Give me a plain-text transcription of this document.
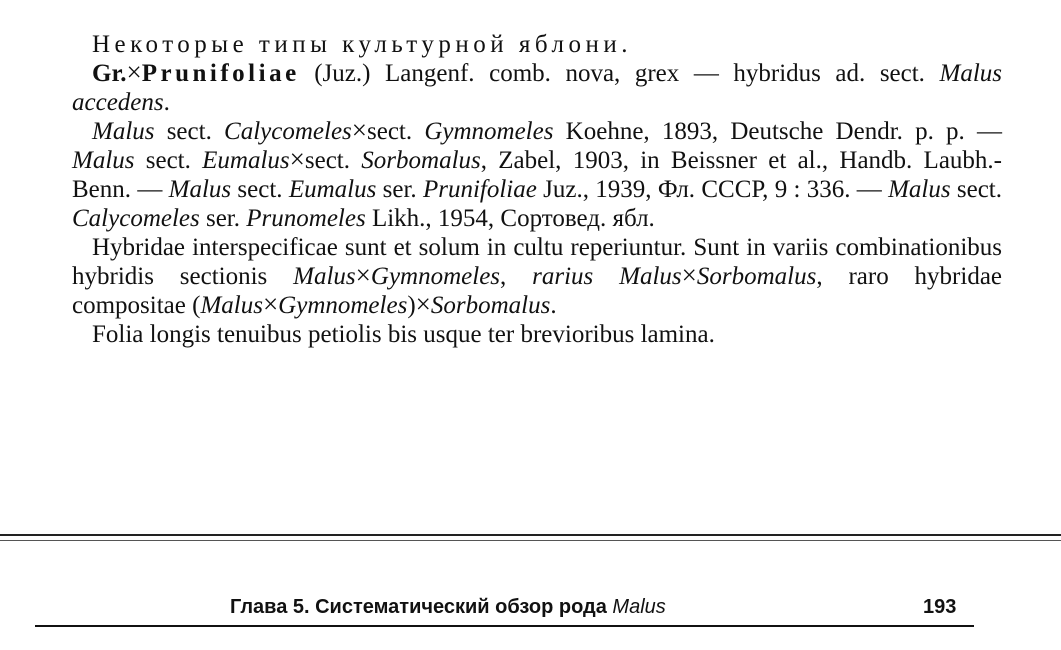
Некоторые типы культурной яблони.

Gr.×Prunifoliae (Juz.) Langenf. comb. nova, grex — hybridus ad. sect. Malus accedens.

Malus sect. Calycomeles×sect. Gymnomeles Koehne, 1893, Deutsche Dendr. p. p. — Malus sect. Eumalus×sect. Sorbomalus, Zabel, 1903, in Beissner et al., Handb. Laubh.-Benn. — Malus sect. Eumalus ser. Prunifoliae Juz., 1939, Фл. СССР, 9 : 336. — Malus sect. Calycomeles ser. Prunomeles Likh., 1954, Сортовед. ябл.

Hybridae interspecificae sunt et solum in cultu reperiuntur. Sunt in variis combinationibus hybridis sectionis Malus×Gymnomeles, rarius Malus×Sorbomalus, raro hybridae compositae (Malus×Gymnomeles)×Sorbomalus.

Folia longis tenuibus petiolis bis usque ter brevioribus lamina.

Глава 5. Систематический обзор рода Malus	193
